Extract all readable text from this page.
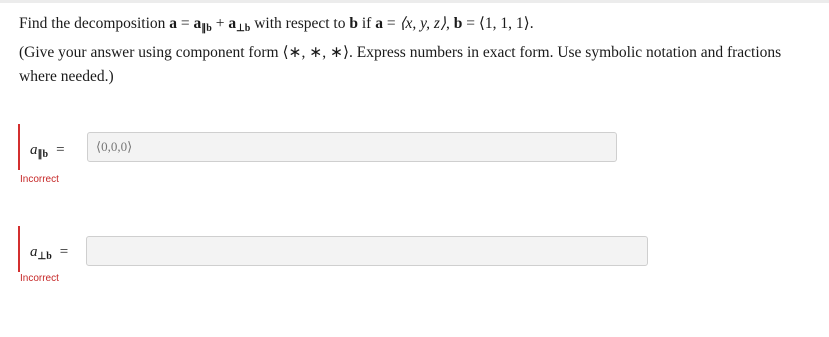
Find the decomposition $a = a_{\parallel b} + a_{\perp b}$ with respect to b if a = ⟨x, y, z⟩, b = ⟨1, 1, 1⟩.
(Give your answer using component form ⟨∗, ∗, ∗⟩. Express numbers in exact form. Use symbolic notation and fractions where needed.)

$a_{\parallel b}$ =	⟨0,0,0⟩
Incorrect
$a_{\perp b}$ =
Incorrect
